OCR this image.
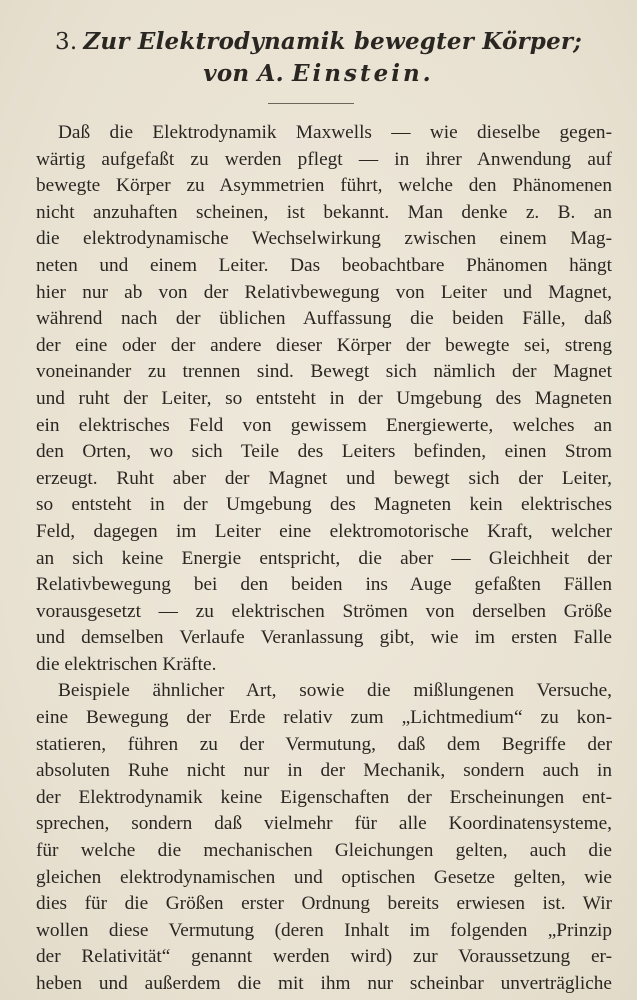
3. Zur Elektrodynamik bewegter Körper;
von A. Einstein.
Daß die Elektrodynamik Maxwells — wie dieselbe gegen-
wärtig aufgefaßt zu werden pflegt — in ihrer Anwendung auf
bewegte Körper zu Asymmetrien führt, welche den Phänomenen
nicht anzuhaften scheinen, ist bekannt. Man denke z. B. an
die elektrodynamische Wechselwirkung zwischen einem Mag-
neten und einem Leiter. Das beobachtbare Phänomen hängt
hier nur ab von der Relativbewegung von Leiter und Magnet,
während nach der üblichen Auffassung die beiden Fälle, daß
der eine oder der andere dieser Körper der bewegte sei, streng
voneinander zu trennen sind. Bewegt sich nämlich der Magnet
und ruht der Leiter, so entsteht in der Umgebung des Magneten
ein elektrisches Feld von gewissem Energiewerte, welches an
den Orten, wo sich Teile des Leiters befinden, einen Strom
erzeugt. Ruht aber der Magnet und bewegt sich der Leiter,
so entsteht in der Umgebung des Magneten kein elektrisches
Feld, dagegen im Leiter eine elektromotorische Kraft, welcher
an sich keine Energie entspricht, die aber — Gleichheit der
Relativbewegung bei den beiden ins Auge gefaßten Fällen
vorausgesetzt — zu elektrischen Strömen von derselben Größe
und demselben Verlaufe Veranlassung gibt, wie im ersten Falle
die elektrischen Kräfte.
Beispiele ähnlicher Art, sowie die mißlungenen Versuche,
eine Bewegung der Erde relativ zum „Lichtmedium“ zu kon-
statieren, führen zu der Vermutung, daß dem Begriffe der
absoluten Ruhe nicht nur in der Mechanik, sondern auch in
der Elektrodynamik keine Eigenschaften der Erscheinungen ent-
sprechen, sondern daß vielmehr für alle Koordinatensysteme,
für welche die mechanischen Gleichungen gelten, auch die
gleichen elektrodynamischen und optischen Gesetze gelten, wie
dies für die Größen erster Ordnung bereits erwiesen ist. Wir
wollen diese Vermutung (deren Inhalt im folgenden „Prinzip
der Relativität“ genannt werden wird) zur Voraussetzung er-
heben und außerdem die mit ihm nur scheinbar unverträgliche
